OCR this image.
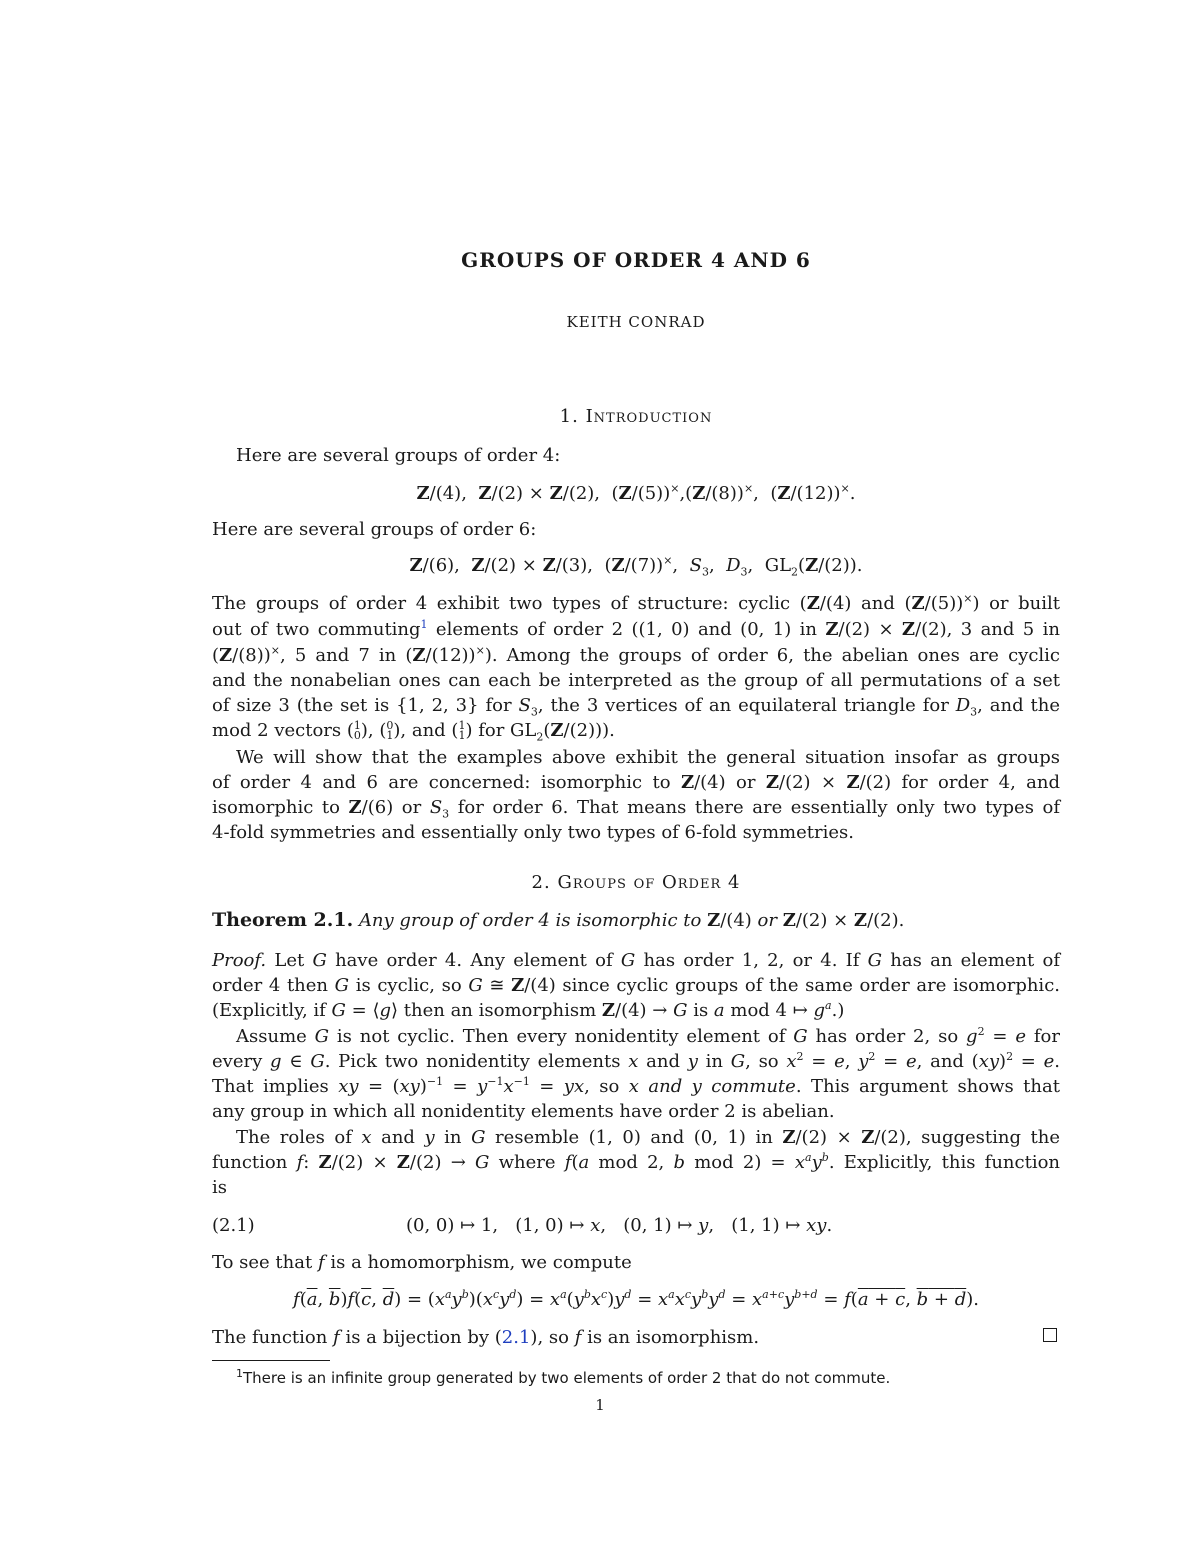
GROUPS OF ORDER 4 AND 6
KEITH CONRAD
1. Introduction
Here are several groups of order 4:
Z/(4),  Z/(2) × Z/(2),  (Z/(5))×,(Z/(8))×,  (Z/(12))×.
Here are several groups of order 6:
Z/(6),  Z/(2) × Z/(3),  (Z/(7))×,  $S_3$,  $D_3$,  $GL_2(Z/(2))$.
The groups of order 4 exhibit two types of structure: cyclic (Z/(4) and (Z/(5))×) or built
out of two commuting$^1$ elements of order 2 ((1, 0) and (0, 1) in Z/(2) × Z/(2), 3 and 5 in
(Z/(8))×, 5 and 7 in (Z/(12))×). Among the groups of order 6, the abelian ones are cyclic
and the nonabelian ones can each be interpreted as the group of all permutations of a set
of size 3 (the set is {1, 2, 3} for $S_3$, the 3 vertices of an equilateral triangle for $D_3$, and the
mod 2 vectors (1
0), (0
1), and (1
1) for $GL_2(Z/(2))$).
We will show that the examples above exhibit the general situation insofar as groups
of order 4 and 6 are concerned: isomorphic to Z/(4) or Z/(2) × Z/(2) for order 4, and
isomorphic to Z/(6) or $S_3$ for order 6. That means there are essentially only two types of
4-fold symmetries and essentially only two types of 6-fold symmetries.
2. Groups of Order 4
Theorem 2.1. Any group of order 4 is isomorphic to Z/(4) or Z/(2) × Z/(2).
Proof. Let G have order 4. Any element of G has order 1, 2, or 4. If G has an element of
order 4 then G is cyclic, so G ≅ Z/(4) since cyclic groups of the same order are isomorphic.
(Explicitly, if G = ⟨g⟩ then an isomorphism Z/(4) → G is a mod 4 ↦ $g^a$.)
Assume G is not cyclic. Then every nonidentity element of G has order 2, so $g^2 = e$ for
every g ∈ G. Pick two nonidentity elements x and y in G, so $x^2 = e$, $y^2 = e$, and (xy)$^2$ = e.
That implies xy = $(xy)^{-1} = y^{-1}x^{-1}$ = yx, so x and y commute. This argument shows that
any group in which all nonidentity elements have order 2 is abelian.
The roles of x and y in G resemble (1, 0) and (0, 1) in Z/(2) × Z/(2), suggesting the
function f: Z/(2) × Z/(2) → G where f(a mod 2, b mod $2) = x^ay^b$. Explicitly, this function
is
(2.1)	(0, 0) ↦ 1,   (1, 0) ↦ x,   (0, 1) ↦ y,   (1, 1) ↦ xy.
To see that f is a homomorphism, we compute
$f(\overline{a}$, $\overline{b})f(\overline{c}$, $\overline{d}) = (x^ay^b)(x^cy^d) = x^a(y^bx^c)y^d = x^ax^cy^by^d = x^{a+c}y^{b+d} = f(a + c$, b + d).
The function f is a bijection by (2.1), so f is an isomorphism.
$^1$There is an infinite group generated by two elements of order 2 that do not commute.
1
